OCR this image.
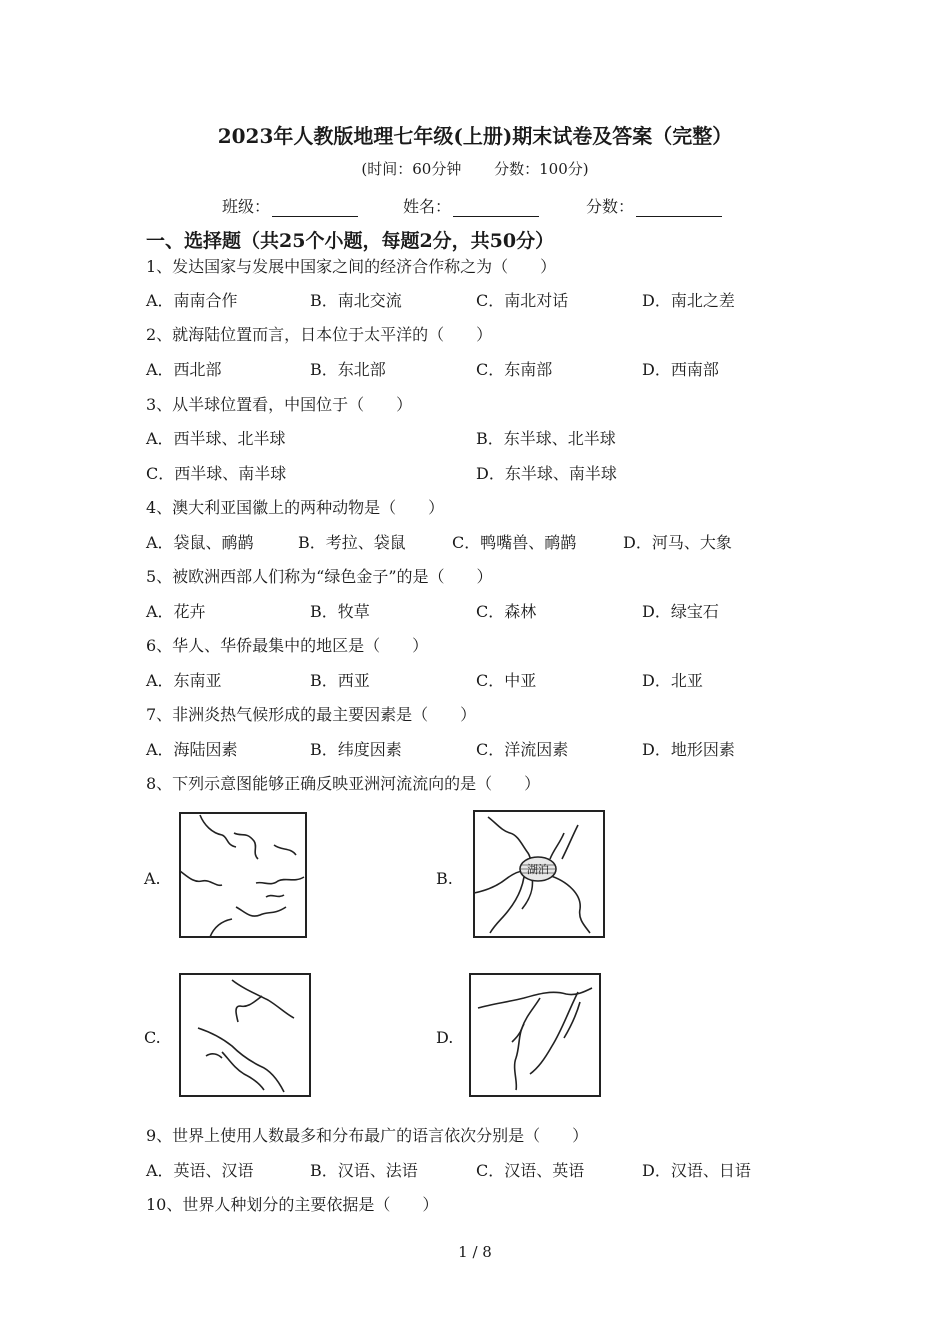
2023年人教版地理七年级(上册)期末试卷及答案（完整）
(时间：60分钟 分数：100分)
班级：	姓名：	分数：
一、选择题（共25个小题，每题2分，共50分）
1、发达国家与发展中国家之间的经济合作称之为（　　）
A．南南合作	B．南北交流	C．南北对话	D．南北之差
2、就海陆位置而言，日本位于太平洋的（　　）
A．西北部	B．东北部	C．东南部	D．西南部
3、从半球位置看，中国位于（　　）
A．西半球、北半球	B．东半球、北半球
C．西半球、南半球	D．东半球、南半球
4、澳大利亚国徽上的两种动物是（　　）
A．袋鼠、鸸鹋	B．考拉、袋鼠	C．鸭嘴兽、鸸鹋	D．河马、大象
5、被欧洲西部人们称为“绿色金子”的是（　　）
A．花卉	B．牧草	C．森林	D．绿宝石
6、华人、华侨最集中的地区是（　　）
A．东南亚	B．西亚	C．中亚	D．北亚
7、非洲炎热气候形成的最主要因素是（　　）
A．海陆因素	B．纬度因素	C．洋流因素	D．地形因素
8、下列示意图能够正确反映亚洲河流流向的是（　　）
A.	B.	湖泊
C.	D.
9、世界上使用人数最多和分布最广的语言依次分别是（　　）
A．英语、汉语	B．汉语、法语	C．汉语、英语	D．汉语、日语
10、世界人种划分的主要依据是（　　）
1 / 8
